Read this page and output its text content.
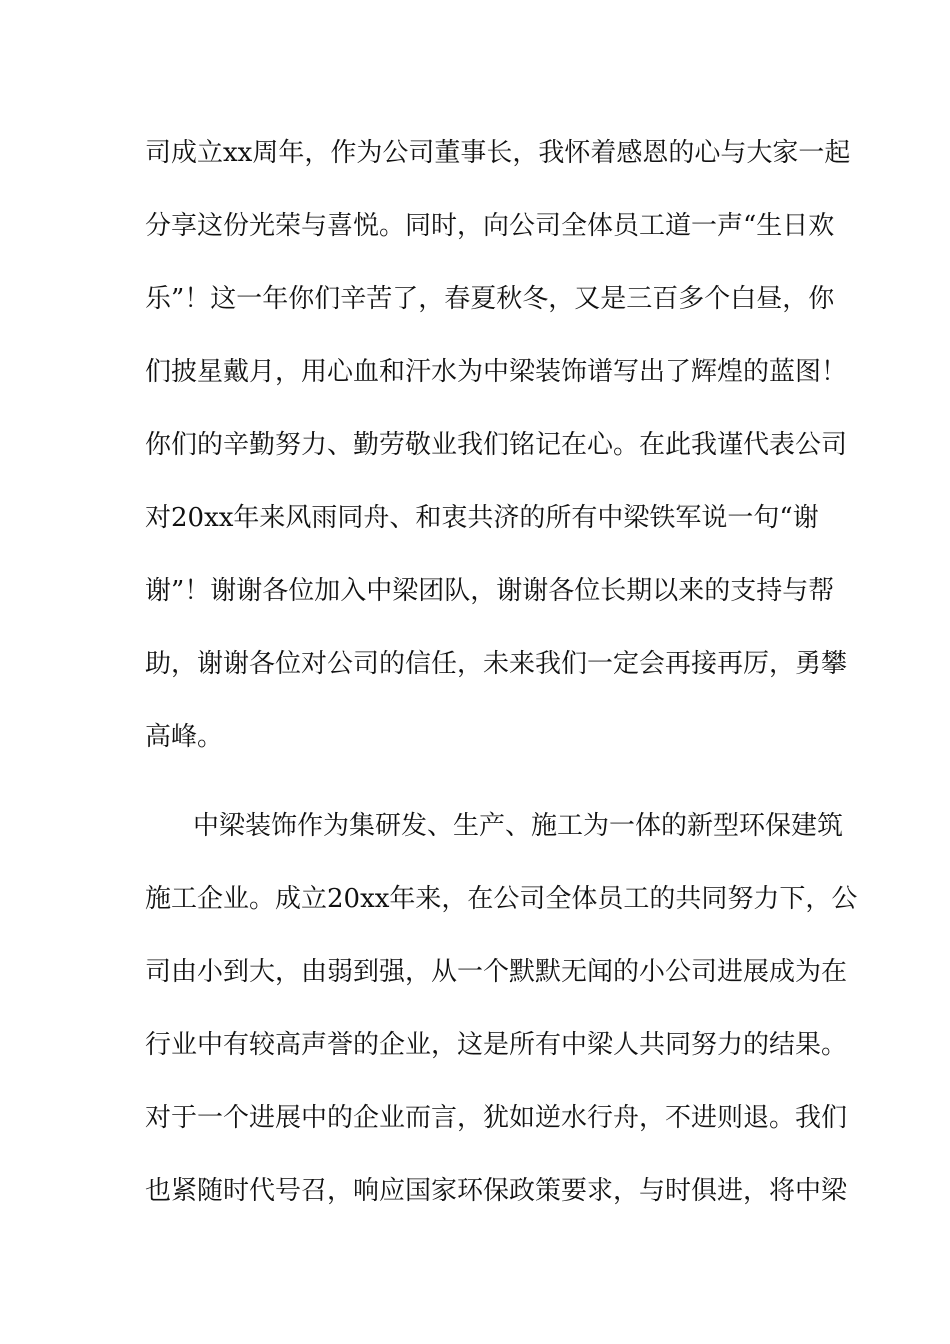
司成立xx周年，作为公司董事长，我怀着感恩的心与大家一起
分享这份光荣与喜悦。同时，向公司全体员工道一声“生日欢
乐”！这一年你们辛苦了，春夏秋冬，又是三百多个白昼，你
们披星戴月，用心血和汗水为中梁装饰谱写出了辉煌的蓝图！
你们的辛勤努力、勤劳敬业我们铭记在心。在此我谨代表公司
对20xx年来风雨同舟、和衷共济的所有中梁铁军说一句“谢
谢”！谢谢各位加入中梁团队，谢谢各位长期以来的支持与帮
助，谢谢各位对公司的信任，未来我们一定会再接再厉，勇攀
高峰。
中梁装饰作为集研发、生产、施工为一体的新型环保建筑
施工企业。成立20xx年来，在公司全体员工的共同努力下，公
司由小到大，由弱到强，从一个默默无闻的小公司进展成为在
行业中有较高声誉的企业，这是所有中梁人共同努力的结果。
对于一个进展中的企业而言，犹如逆水行舟，不进则退。我们
也紧随时代号召，响应国家环保政策要求，与时俱进，将中梁
